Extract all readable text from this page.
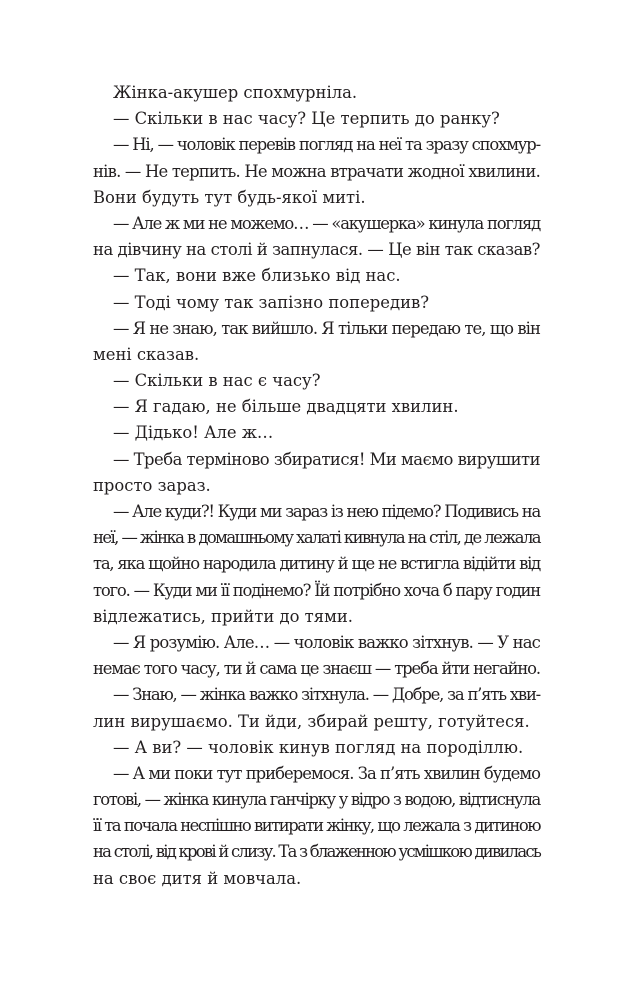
Жінка-акушер спохмурніла.
— Скільки в нас часу? Це терпить до ранку?
— Ні, — чоловік перевів погляд на неї та зразу спохмур-
нів. — Не терпить. Не можна втрачати жодної хвилини.
Вони будуть тут будь-якої миті.
— Але ж ми не можемо… — «акушерка» кинула погляд
на дівчину на столі й запнулася. — Це він так сказав?
— Так, вони вже близько від нас.
— Тоді чому так запізно попередив?
— Я не знаю, так вийшло. Я тільки передаю те, що він
мені сказав.
— Скільки в нас є часу?
— Я гадаю, не більше двадцяти хвилин.
— Дідько! Але ж…
— Треба терміново збиратися! Ми маємо вирушити
просто зараз.
— Але куди?! Куди ми зараз із нею підемо? Подивись на
неї, — жінка в домашньому халаті кивнула на стіл, де лежала
та, яка щойно народила дитину й ще не встигла відійти від
того. — Куди ми її подінемо? Їй потрібно хоча б пару годин
відлежатись, прийти до тями.
— Я розумію. Але… — чоловік важко зітхнув. — У нас
немає того часу, ти й сама це знаєш — треба йти негайно.
— Знаю, — жінка важко зітхнула. — Добре, за п’ять хви-
лин вирушаємо. Ти йди, збирай решту, готуйтеся.
— А ви? — чоловік кинув погляд на породіллю.
— А ми поки тут приберемося. За п’ять хвилин будемо
готові, — жінка кинула ганчірку у відро з водою, відтиснула
її та почала неспішно витирати жінку, що лежала з дитиною
на столі, від крові й слизу. Та з блаженною усмішкою дивилась
на своє дитя й мовчала.
